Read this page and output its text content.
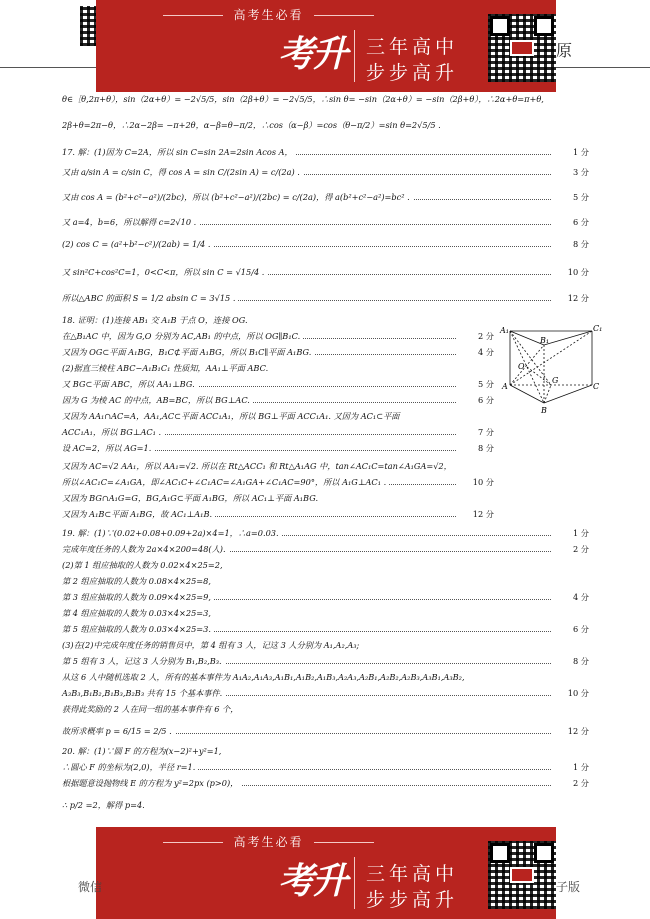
原
高考生必看
考升 三年高中
步步高升
θ∈［θ,2π+θ），sin（2α+θ）= −2√5/5，sin（2β+θ）= −2√5/5，∴sin θ= −sin（2α+θ）= −sin（2β+θ），∴2α+θ=π+θ,
2β+θ=2π−θ，∴2α−2β= −π+2θ，α−β=θ−π/2，∴cos（α−β）=cos（θ−π/2）=sin θ=2√5/5 .
17. 解：(1)因为 C=2A，所以 sin C=sin 2A=2sin Acos A，	1 分
又由 a/sin A = c/sin C，得 cos A = sin C/(2sin A) = c/(2a) .	3 分
又由 cos A = (b²+c²−a²)/(2bc)，所以 (b²+c²−a²)/(2bc) = c/(2a)，得 a(b²+c²−a²)=bc² .	5 分
又 a=4，b=6，所以解得 c=2√10 .	6 分
(2) cos C = (a²+b²−c²)/(2ab) = 1/4 .	8 分
又 sin²C+cos²C=1，0<C<π，所以 sin C = √15/4 .	10 分
所以△ABC 的面积 S = 1/2 absin C = 3√15 .	12 分
18. 证明：(1)连接 AB₁ 交 A₁B 于点 O，连接 OG.
在△B₁AC 中，因为 G,O 分别为 AC,AB₁ 的中点，所以 OG∥B₁C.	2 分
又因为 OG⊂平面 A₁BG，B₁C⊄平面 A₁BG，所以 B₁C∥平面 A₁BG.	4 分
(2)据直三棱柱 ABC−A₁B₁C₁ 性质知，AA₁⊥平面 ABC.
又 BG⊂平面 ABC，所以 AA₁⊥BG.	5 分
因为 G 为棱 AC 的中点，AB=BC，所以 BG⊥AC.	6 分
又因为 AA₁∩AC=A，AA₁,AC⊂平面 ACC₁A₁，所以 BG⊥平面 ACC₁A₁. 又因为 AC₁⊂平面
ACC₁A₁，所以 BG⊥AC₁ .	7 分
设 AC=2，所以 AG=1.	8 分
又因为 AC=√2 AA₁，所以 AA₁=√2. 所以在 Rt△ACC₁ 和 Rt△A₁AG 中，tan∠AC₁C=tan∠A₁GA=√2，
所以∠AC₁C=∠A₁GA，即∠AC₁C+∠C₁AC=∠A₁GA+∠C₁AC=90°，所以 A₁G⊥AC₁ .	10 分
又因为 BG∩A₁G=G，BG,A₁G⊂平面 A₁BG，所以 AC₁⊥平面 A₁BG.
又因为 A₁B⊂平面 A₁BG，故 AC₁⊥A₁B.	12 分
19. 解：(1)∵(0.02+0.08+0.09+2a)×4=1，∴a=0.03.	1 分
完成年度任务的人数为 2a×4×200=48(人).	2 分
(2)第 1 组应抽取的人数为 0.02×4×25=2,
第 2 组应抽取的人数为 0.08×4×25=8,
第 3 组应抽取的人数为 0.09×4×25=9,	4 分
第 4 组应抽取的人数为 0.03×4×25=3,
第 5 组应抽取的人数为 0.03×4×25=3.	6 分
(3)在(2)中完成年度任务的销售员中，第 4 组有 3 人，记这 3 人分别为 A₁,A₂,A₃;
第 5 组有 3 人，记这 3 人分别为 B₁,B₂,B₃.	8 分
从这 6 人中随机选取 2 人，所有的基本事件为 A₁A₂,A₁A₃,A₁B₁,A₁B₂,A₁B₃,A₂A₃,A₂B₁,A₂B₂,A₂B₃,A₃B₁,A₃B₂,
A₃B₃,B₁B₂,B₁B₃,B₂B₃ 共有 15 个基本事件.	10 分
获得此奖励的 2 人在同一组的基本事件有 6 个，
故所求概率 p = 6/15 = 2/5 .	12 分
20. 解：(1)∵圆 F 的方程为(x−2)²+y²=1,
∴圆心 F 的坐标为(2,0)，半径 r=1.	1 分
根据题意设抛物线 E 的方程为 y²=2px (p>0)，	2 分
∴ p/2 =2，解得 p=4.
A₁	C₁
B₁
O
G
A	C
B
高考生必看
考升 三年高中
步步高升
微信	子版
